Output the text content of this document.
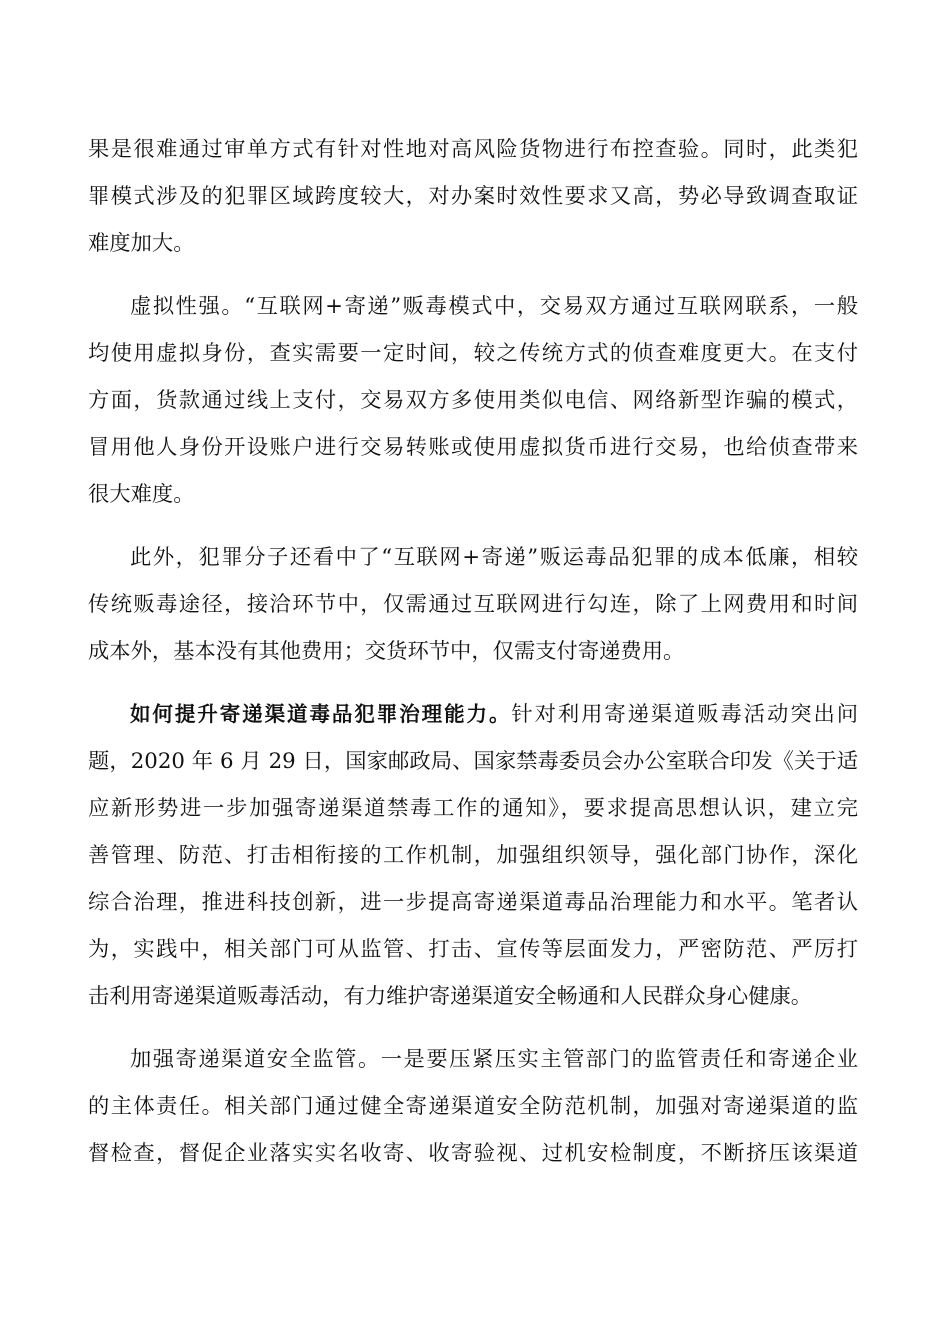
果是很难通过审单方式有针对性地对高风险货物进行布控查验。同时，此类犯
罪模式涉及的犯罪区域跨度较大，对办案时效性要求又高，势必导致调查取证
难度加大。
虚拟性强。“互联网+寄递”贩毒模式中，交易双方通过互联网联系，一般
均使用虚拟身份，查实需要一定时间，较之传统方式的侦查难度更大。在支付
方面，货款通过线上支付，交易双方多使用类似电信、网络新型诈骗的模式，
冒用他人身份开设账户进行交易转账或使用虚拟货币进行交易，也给侦查带来
很大难度。
此外，犯罪分子还看中了“互联网+寄递”贩运毒品犯罪的成本低廉，相较
传统贩毒途径，接洽环节中，仅需通过互联网进行勾连，除了上网费用和时间
成本外，基本没有其他费用；交货环节中，仅需支付寄递费用。
如何提升寄递渠道毒品犯罪治理能力。针对利用寄递渠道贩毒活动突出问
题，2020 年 6 月 29 日，国家邮政局、国家禁毒委员会办公室联合印发《关于适
应新形势进一步加强寄递渠道禁毒工作的通知》，要求提高思想认识，建立完
善管理、防范、打击相衔接的工作机制，加强组织领导，强化部门协作，深化
综合治理，推进科技创新，进一步提高寄递渠道毒品治理能力和水平。笔者认
为，实践中，相关部门可从监管、打击、宣传等层面发力，严密防范、严厉打
击利用寄递渠道贩毒活动，有力维护寄递渠道安全畅通和人民群众身心健康。
加强寄递渠道安全监管。一是要压紧压实主管部门的监管责任和寄递企业
的主体责任。相关部门通过健全寄递渠道安全防范机制，加强对寄递渠道的监
督检查，督促企业落实实名收寄、收寄验视、过机安检制度，不断挤压该渠道
